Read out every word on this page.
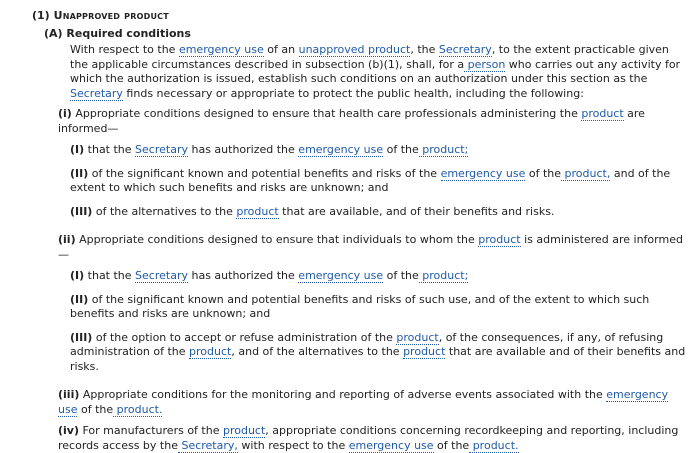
(1) Unapproved product
(A) Required conditions

With respect to the emergency use of an unapproved product, the Secretary, to the extent practicable given the applicable circumstances described in subsection (b)(1), shall, for a person who carries out any activity for which the authorization is issued, establish such conditions on an authorization under this section as the Secretary finds necessary or appropriate to protect the public health, including the following:

(i) Appropriate conditions designed to ensure that health care professionals administering the product are informed—

(I) that the Secretary has authorized the emergency use of the product;

(II) of the significant known and potential benefits and risks of the emergency use of the product, and of the extent to which such benefits and risks are unknown; and

(III) of the alternatives to the product that are available, and of their benefits and risks.

(ii) Appropriate conditions designed to ensure that individuals to whom the product is administered are informed—

(I) that the Secretary has authorized the emergency use of the product;

(II) of the significant known and potential benefits and risks of such use, and of the extent to which such benefits and risks are unknown; and

(III) of the option to accept or refuse administration of the product, of the consequences, if any, of refusing administration of the product, and of the alternatives to the product that are available and of their benefits and risks.

(iii) Appropriate conditions for the monitoring and reporting of adverse events associated with the emergency use of the product.

(iv) For manufacturers of the product, appropriate conditions concerning recordkeeping and reporting, including records access by the Secretary, with respect to the emergency use of the product.
